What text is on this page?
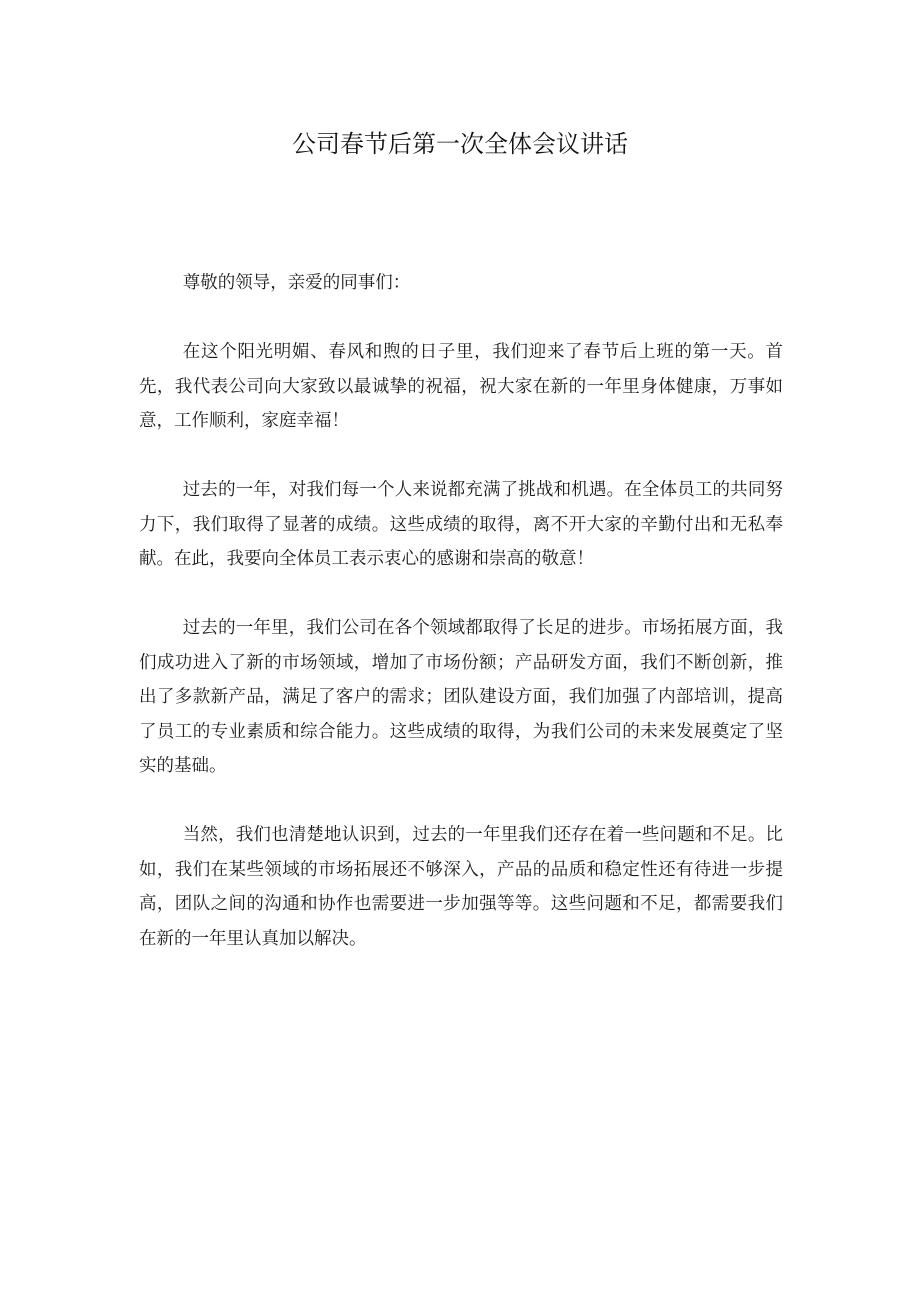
公司春节后第一次全体会议讲话

尊敬的领导，亲爱的同事们：

在这个阳光明媚、春风和煦的日子里，我们迎来了春节后上班的第一天。首先，我代表公司向大家致以最诚挚的祝福，祝大家在新的一年里身体健康，万事如意，工作顺利，家庭幸福！

过去的一年，对我们每一个人来说都充满了挑战和机遇。在全体员工的共同努力下，我们取得了显著的成绩。这些成绩的取得，离不开大家的辛勤付出和无私奉献。在此，我要向全体员工表示衷心的感谢和崇高的敬意！

过去的一年里，我们公司在各个领域都取得了长足的进步。市场拓展方面，我们成功进入了新的市场领域，增加了市场份额；产品研发方面，我们不断创新，推出了多款新产品，满足了客户的需求；团队建设方面，我们加强了内部培训，提高了员工的专业素质和综合能力。这些成绩的取得，为我们公司的未来发展奠定了坚实的基础。

当然，我们也清楚地认识到，过去的一年里我们还存在着一些问题和不足。比如，我们在某些领域的市场拓展还不够深入，产品的品质和稳定性还有待进一步提高，团队之间的沟通和协作也需要进一步加强等等。这些问题和不足，都需要我们在新的一年里认真加以解决。
